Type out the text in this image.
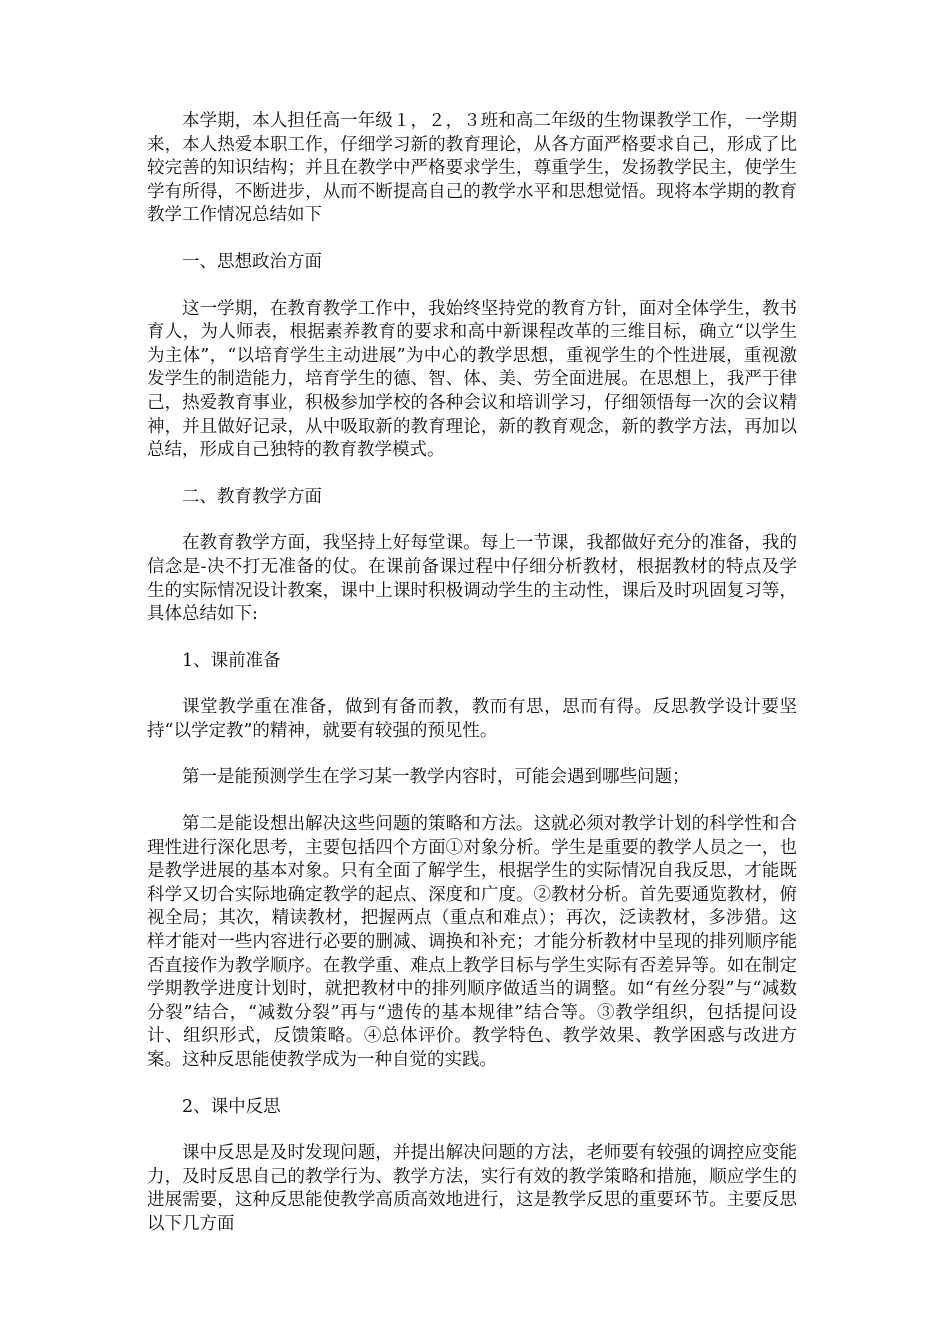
本学期，本人担任高一年级１，２，３班和高二年级的生物课教学工作，一学期来，本人热爱本职工作，仔细学习新的教育理论，从各方面严格要求自己，形成了比较完善的知识结构；并且在教学中严格要求学生，尊重学生，发扬教学民主，使学生学有所得，不断进步，从而不断提高自己的教学水平和思想觉悟。现将本学期的教育教学工作情况总结如下

一、思想政治方面

这一学期，在教育教学工作中，我始终坚持党的教育方针，面对全体学生，教书育人，为人师表，根据素养教育的要求和高中新课程改革的三维目标，确立“以学生为主体”，“以培育学生主动进展”为中心的教学思想，重视学生的个性进展，重视激发学生的制造能力，培育学生的德、智、体、美、劳全面进展。在思想上，我严于律己，热爱教育事业，积极参加学校的各种会议和培训学习，仔细领悟每一次的会议精神，并且做好记录，从中吸取新的教育理论，新的教育观念，新的教学方法，再加以总结，形成自己独特的教育教学模式。

二、教育教学方面

在教育教学方面，我坚持上好每堂课。每上一节课，我都做好充分的准备，我的信念是-决不打无准备的仗。在课前备课过程中仔细分析教材，根据教材的特点及学生的实际情况设计教案，课中上课时积极调动学生的主动性，课后及时巩固复习等，具体总结如下:

1、课前准备

课堂教学重在准备，做到有备而教，教而有思，思而有得。反思教学设计要坚持“以学定教”的精神，就要有较强的预见性。

第一是能预测学生在学习某一教学内容时，可能会遇到哪些问题；

第二是能设想出解决这些问题的策略和方法。这就必须对教学计划的科学性和合理性进行深化思考，主要包括四个方面①对象分析。学生是重要的教学人员之一，也是教学进展的基本对象。只有全面了解学生，根据学生的实际情况自我反思，才能既科学又切合实际地确定教学的起点、深度和广度。②教材分析。首先要通览教材，俯视全局；其次，精读教材，把握两点（重点和难点）；再次，泛读教材，多涉猎。这样才能对一些内容进行必要的删减、调换和补充；才能分析教材中呈现的排列顺序能否直接作为教学顺序。在教学重、难点上教学目标与学生实际有否差异等。如在制定学期教学进度计划时，就把教材中的排列顺序做适当的调整。如“有丝分裂”与“减数分裂”结合，“减数分裂”再与“遗传的基本规律”结合等。③教学组织，包括提问设计、组织形式，反馈策略。④总体评价。教学特色、教学效果、教学困惑与改进方案。这种反思能使教学成为一种自觉的实践。

2、课中反思

课中反思是及时发现问题，并提出解决问题的方法，老师要有较强的调控应变能力，及时反思自己的教学行为、教学方法，实行有效的教学策略和措施，顺应学生的进展需要，这种反思能使教学高质高效地进行，这是教学反思的重要环节。主要反思以下几方面
